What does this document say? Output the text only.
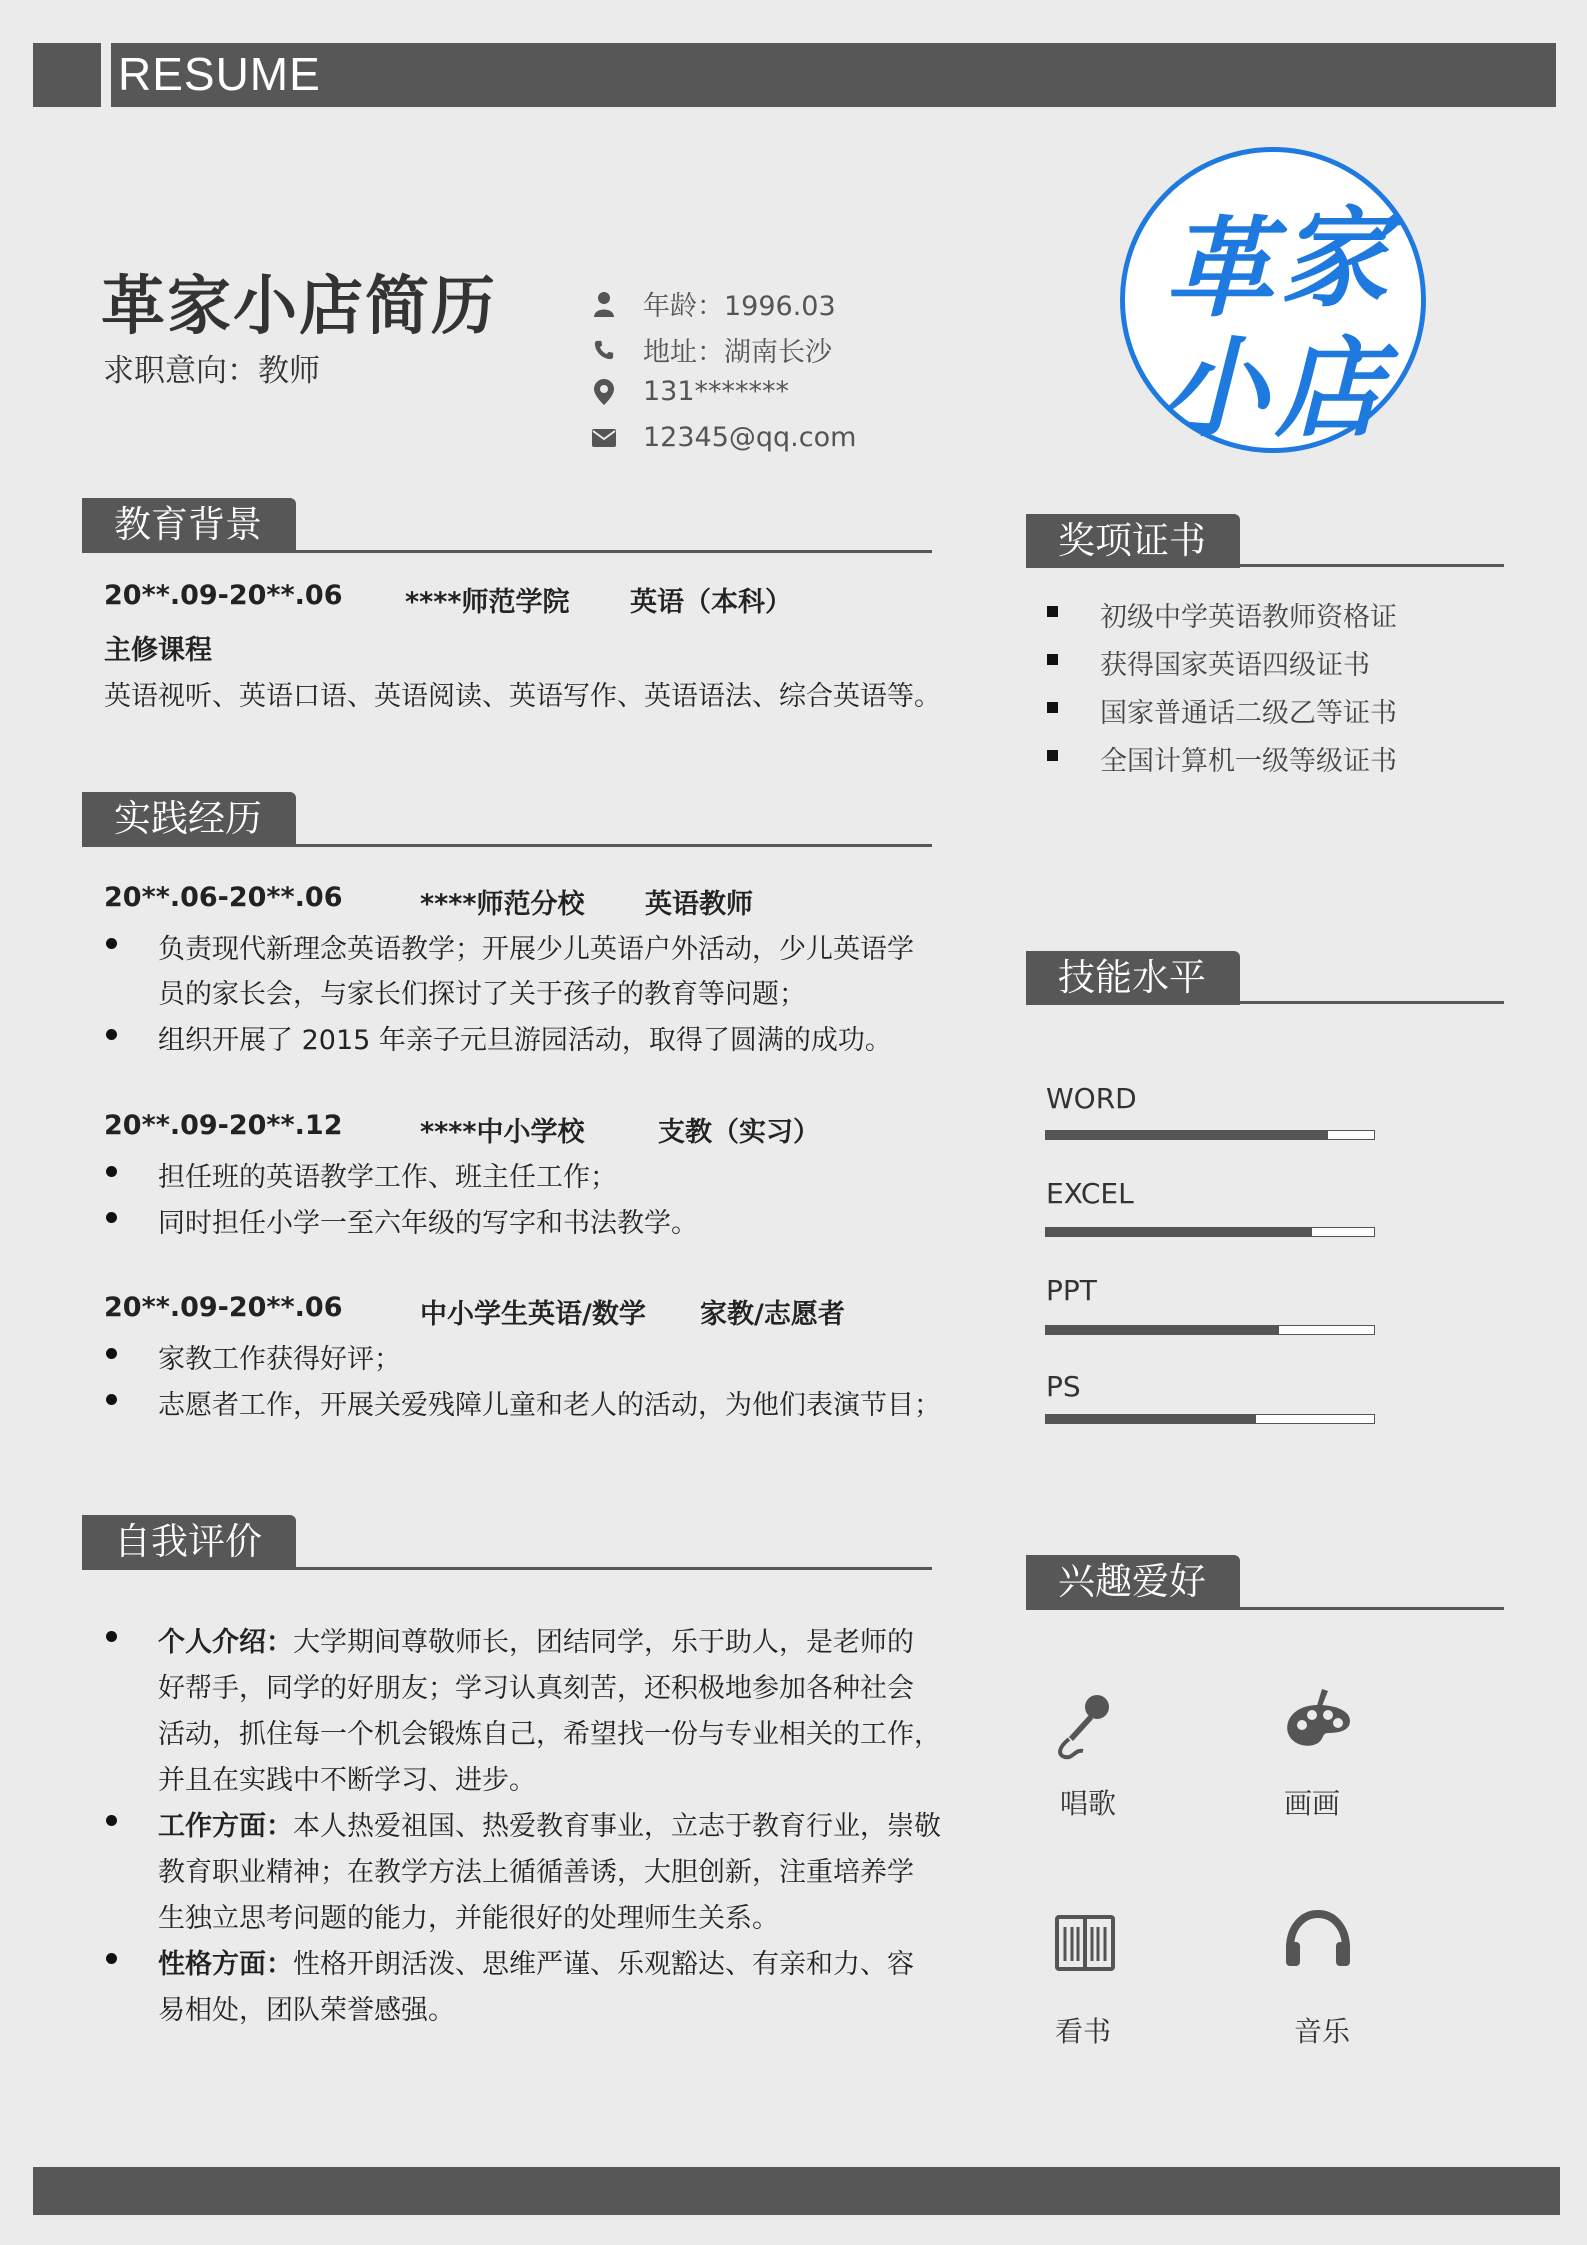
RESUME
革家小店简历
求职意向：教师
年龄：1996.03
地址：湖南长沙
131*******
12345@qq.com
革 家
小 店
教育背景
20**.09-20**.06 ****师范学院 英语（本科）
主修课程
英语视听、英语口语、英语阅读、英语写作、英语语法、综合英语等。
实践经历
20**.06-20**.06	****师范分校 英语教师
负责现代新理念英语教学；开展少儿英语户外活动，少儿英语学
员的家长会，与家长们探讨了关于孩子的教育等问题；
组织开展了 2015 年亲子元旦游园活动，取得了圆满的成功。
20**.09-20**.12	****中小学校	支教（实习）
担任班的英语教学工作、班主任工作；
同时担任小学一至六年级的写字和书法教学。
20**.09-20**.06	中小学生英语/数学 家教/志愿者
家教工作获得好评；
志愿者工作，开展关爱残障儿童和老人的活动，为他们表演节目；
自我评价
个人介绍：大学期间尊敬师长，团结同学，乐于助人，是老师的
好帮手，同学的好朋友；学习认真刻苦，还积极地参加各种社会
活动，抓住每一个机会锻炼自己，希望找一份与专业相关的工作，
并且在实践中不断学习、进步。
工作方面：本人热爱祖国、热爱教育事业，立志于教育行业，崇敬
教育职业精神；在教学方法上循循善诱，大胆创新，注重培养学
生独立思考问题的能力，并能很好的处理师生关系。
性格方面：性格开朗活泼、思维严谨、乐观豁达、有亲和力、容
易相处，团队荣誉感强。
奖项证书
初级中学英语教师资格证
获得国家英语四级证书
国家普通话二级乙等证书
全国计算机一级等级证书
技能水平
WORD
EXCEL
PPT
PS
兴趣爱好
唱歌	画画
看书	音乐
